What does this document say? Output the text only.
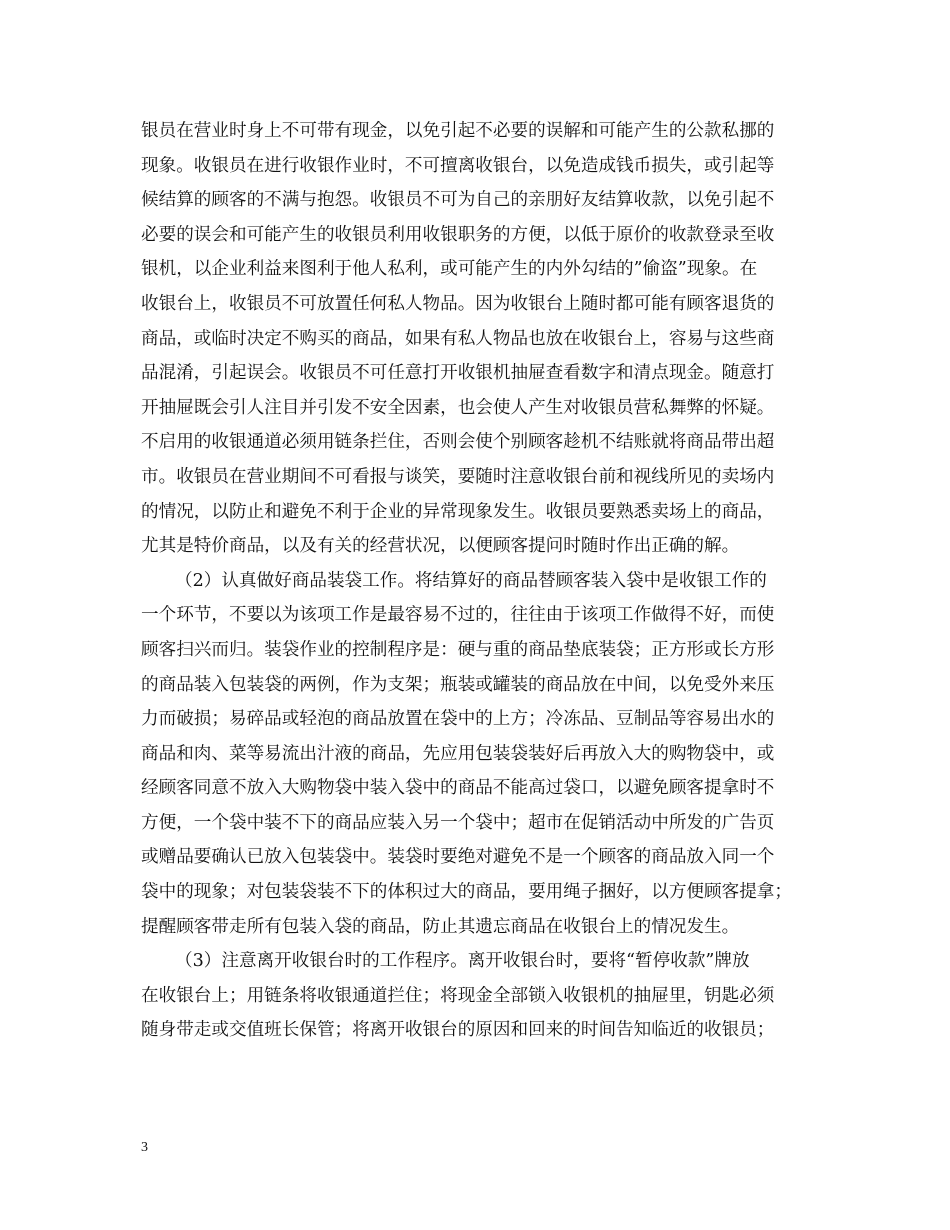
银员在营业时身上不可带有现金，以免引起不必要的误解和可能产生的公款私挪的
现象。收银员在进行收银作业时，不可擅离收银台，以免造成钱币损失，或引起等
候结算的顾客的不满与抱怨。收银员不可为自己的亲朋好友结算收款，以免引起不
必要的误会和可能产生的收银员利用收银职务的方便，以低于原价的收款登录至收
银机，以企业利益来图利于他人私利，或可能产生的内外勾结的”偷盗”现象。在
收银台上，收银员不可放置任何私人物品。因为收银台上随时都可能有顾客退货的
商品，或临时决定不购买的商品，如果有私人物品也放在收银台上，容易与这些商
品混淆，引起误会。收银员不可任意打开收银机抽屉查看数字和清点现金。随意打
开抽屉既会引人注目并引发不安全因素，也会使人产生对收银员营私舞弊的怀疑。
不启用的收银通道必须用链条拦住，否则会使个别顾客趁机不结账就将商品带出超
市。收银员在营业期间不可看报与谈笑，要随时注意收银台前和视线所见的卖场内
的情况，以防止和避免不利于企业的异常现象发生。收银员要熟悉卖场上的商品，
尤其是特价商品，以及有关的经营状况，以便顾客提问时随时作出正确的解。
（2）认真做好商品装袋工作。将结算好的商品替顾客装入袋中是收银工作的
一个环节，不要以为该项工作是最容易不过的，往往由于该项工作做得不好，而使
顾客扫兴而归。装袋作业的控制程序是：硬与重的商品垫底装袋；正方形或长方形
的商品装入包装袋的两例，作为支架；瓶装或罐装的商品放在中间，以免受外来压
力而破损；易碎品或轻泡的商品放置在袋中的上方；冷冻品、豆制品等容易出水的
商品和肉、菜等易流出汁液的商品，先应用包装袋装好后再放入大的购物袋中，或
经顾客同意不放入大购物袋中装入袋中的商品不能高过袋口，以避免顾客提拿时不
方便，一个袋中装不下的商品应装入另一个袋中；超市在促销活动中所发的广告页
或赠品要确认已放入包装袋中。装袋时要绝对避免不是一个顾客的商品放入同一个
袋中的现象；对包装袋装不下的体积过大的商品，要用绳子捆好，以方便顾客提拿；
提醒顾客带走所有包装入袋的商品，防止其遗忘商品在收银台上的情况发生。
（3）注意离开收银台时的工作程序。离开收银台时，要将“暂停收款”牌放
在收银台上；用链条将收银通道拦住；将现金全部锁入收银机的抽屉里，钥匙必须
随身带走或交值班长保管；将离开收银台的原因和回来的时间告知临近的收银员；
3
